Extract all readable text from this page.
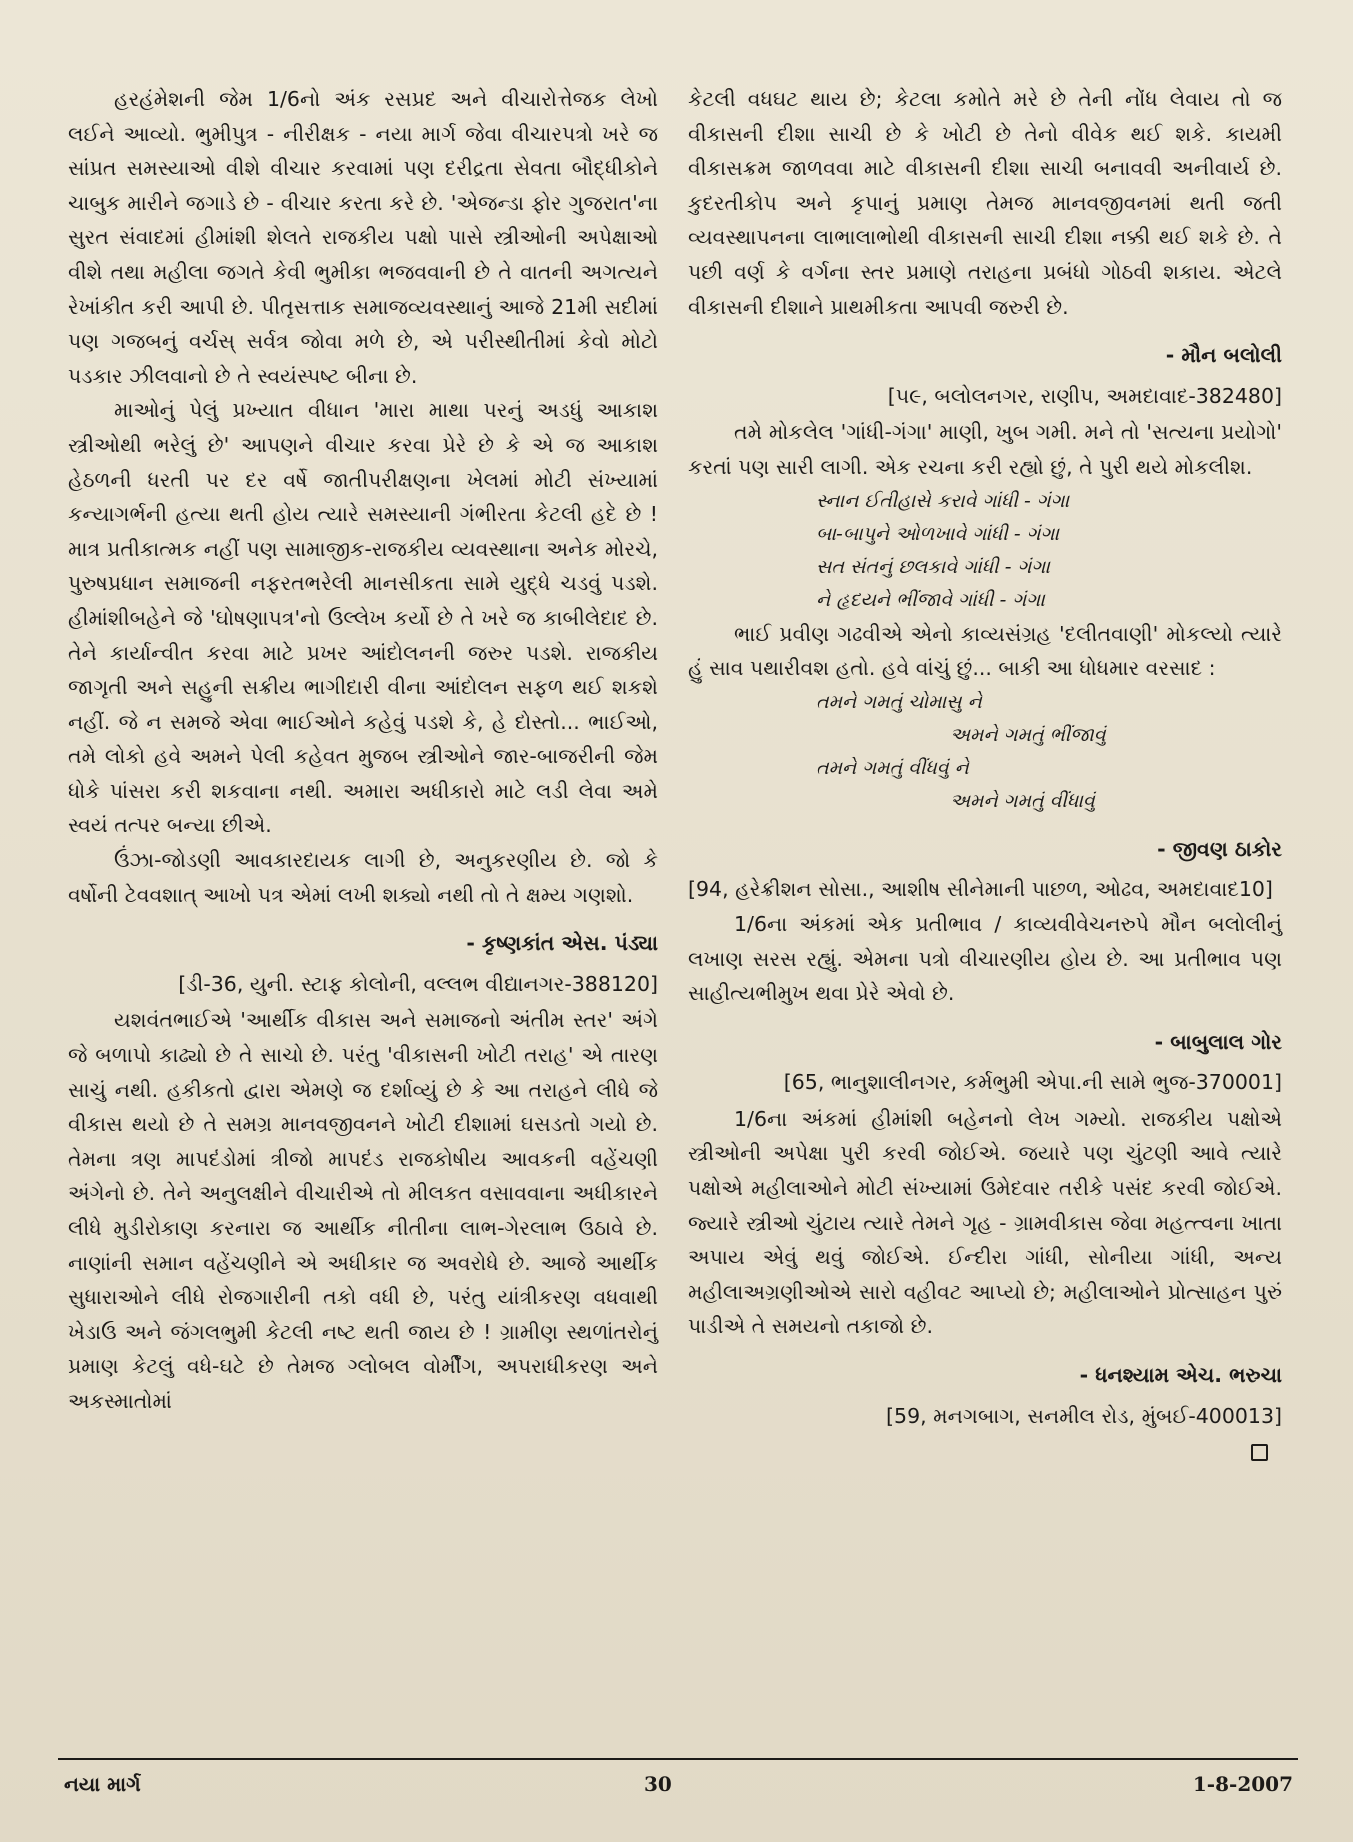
હરહંમેશની જેમ 1/6નો અંક રસપ્રદ અને વીચારોત્તેજક લેખો લઈને આવ્યો. ભુમીપુત્ર - નીરીક્ષક - નયા માર્ગ જેવા વીચારપત્રો ખરે જ સાંપ્રત સમસ્યાઓ વીશે વીચાર કરવામાં પણ દરીદ્રતા સેવતા બૌદ્ધીકોને ચાબુક મારીને જગાડે છે - વીચાર કરતા કરે છે. 'એજન્ડા ફોર ગુજરાત'ના સુરત સંવાદમાં હીમાંશી શેલતે રાજકીય પક્ષો પાસે સ્ત્રીઓની અપેક્ષાઓ વીશે તથા મહીલા જગતે કેવી ભુમીકા ભજવવાની છે તે વાતની અગત્યને રેખાંકીત કરી આપી છે. પીતૃસત્તાક સમાજવ્યવસ્થાનું આજે 21મી સદીમાં પણ ગજબનું વર્ચસ્ સર્વત્ર જોવા મળે છે, એ પરીસ્થીતીમાં કેવો મોટો પડકાર ઝીલવાનો છે તે સ્વયંસ્પષ્ટ બીના છે.

માઓનું પેલું પ્રખ્યાત વીધાન 'મારા માથા પરનું અડધું આકાશ સ્ત્રીઓથી ભરેલું છે' આપણને વીચાર કરવા પ્રેરે છે કે એ જ આકાશ હેઠળની ધરતી પર દર વર્ષે જાતીપરીક્ષણના ખેલમાં મોટી સંખ્યામાં કન્યાગર્ભની હત્યા થતી હોય ત્યારે સમસ્યાની ગંભીરતા કેટલી હદે છે ! માત્ર પ્રતીકાત્મક નહીં પણ સામાજીક-રાજકીય વ્યવસ્થાના અનેક મોરચે, પુરુષપ્રધાન સમાજની નફરતભરેલી માનસીકતા સામે યુદ્ધે ચડવું પડશે. હીમાંશીબહેને જે 'ઘોષણાપત્ર'નો ઉલ્લેખ કર્યો છે તે ખરે જ કાબીલેદાદ છે. તેને કાર્યાન્વીત કરવા માટે પ્રખર આંદોલનની જરુર પડશે. રાજકીય જાગૃતી અને સહુની સક્રીય ભાગીદારી વીના આંદોલન સફળ થઈ શકશે નહીં. જે ન સમજે એવા ભાઈઓને કહેવું પડશે કે, હે દોસ્તો... ભાઈઓ, તમે લોકો હવે અમને પેલી કહેવત મુજબ સ્ત્રીઓને જાર-બાજરીની જેમ ધોકે પાંસરા કરી શકવાના નથી. અમારા અધીકારો માટે લડી લેવા અમે સ્વયં તત્પર બન્યા છીએ.

ઉંઝા-જોડણી આવકારદાયક લાગી છે, અનુકરણીય છે. જો કે વર્ષોની ટેવવશાત્ આખો પત્ર એમાં લખી શક્યો નથી તો તે ક્ષમ્ય ગણશો.

- કૃષ્ણકાંત એસ. પંડ્યા
[ડી-36, યુની. સ્ટાફ કોલોની, વલ્લભ વીદ્યાનગર-388120]

યશવંતભાઈએ 'આર્થીક વીકાસ અને સમાજનો અંતીમ સ્તર' અંગે જે બળાપો કાઢ્યો છે તે સાચો છે. પરંતુ 'વીકાસની ખોટી તરાહ' એ તારણ સાચું નથી. હકીકતો દ્વારા એમણે જ દર્શાવ્યું છે કે આ તરાહને લીધે જે વીકાસ થયો છે તે સમગ્ર માનવજીવનને ખોટી દીશામાં ઘસડતો ગયો છે. તેમના ત્રણ માપદંડોમાં ત્રીજો માપદંડ રાજકોષીય આવકની વહેંચણી અંગેનો છે. તેને અનુલક્ષીને વીચારીએ તો મીલકત વસાવવાના અધીકારને લીધે મુડીરોકાણ કરનારા જ આર્થીક નીતીના લાભ-ગેરલાભ ઉઠાવે છે. નાણાંની સમાન વહેંચણીને એ અધીકાર જ અવરોધે છે. આજે આર્થીક સુધારાઓને લીધે રોજગારીની તકો વધી છે, પરંતુ યાંત્રીકરણ વધવાથી ખેડાઉ અને જંગલભુમી કેટલી નષ્ટ થતી જાય છે ! ગ્રામીણ સ્થળાંતરોનું પ્રમાણ કેટલું વધે-ઘટે છે તેમજ ગ્લોબલ વોર્મીંગ, અપરાધીકરણ અને અકસ્માતોમાં

કેટલી વધઘટ થાય છે; કેટલા કમોતે મરે છે તેની નોંધ લેવાય તો જ વીકાસની દીશા સાચી છે કે ખોટી છે તેનો વીવેક થઈ શકે. કાયમી વીકાસક્રમ જાળવવા માટે વીકાસની દીશા સાચી બનાવવી અનીવાર્ય છે. કુદરતીકોપ અને કૃપાનું પ્રમાણ તેમજ માનવજીવનમાં થતી જતી વ્યવસ્થાપનના લાભાલાભોથી વીકાસની સાચી દીશા નક્કી થઈ શકે છે. તે પછી વર્ણ કે વર્ગના સ્તર પ્રમાણે તરાહના પ્રબંધો ગોઠવી શકાય. એટલે વીકાસની દીશાને પ્રાથમીકતા આપવી જરુરી છે.

- મૌન બલોલી
[૫૯, બલોલનગર, રાણીપ, અમદાવાદ-382480]

તમે મોકલેલ 'ગાંધી-ગંગા' માણી, ખુબ ગમી. મને તો 'સત્યના પ્રયોગો' કરતાં પણ સારી લાગી. એક રચના કરી રહ્યો છું, તે પુરી થયે મોકલીશ.

સ્નાન ઈતીહાસે કરાવે ગાંધી - ગંગા
બા-બાપુને ઓળખાવે ગાંધી - ગંગા
સત સંતનું છલકાવે ગાંધી - ગંગા
ને હૃદયને ભીંજાવે ગાંધી - ગંગા

ભાઈ પ્રવીણ ગઢવીએ એનો કાવ્યસંગ્રહ 'દલીતવાણી' મોકલ્યો ત્યારે હું સાવ પથારીવશ હતો. હવે વાંચું છું... બાકી આ ધોધમાર વરસાદ :

તમને ગમતું ચોમાસુ ને
અમને ગમતું ભીંજાવું
તમને ગમતું વીંધવું ને
અમને ગમતું વીંધાવું
- જીવણ ઠાકોર
[94, હરેક્રીશન સોસા., આશીષ સીનેમાની પાછળ, ઓઢવ, અમદાવાદ10]

1/6ના અંકમાં એક પ્રતીભાવ / કાવ્યવીવેચનરુપે મૌન બલોલીનું લખાણ સરસ રહ્યું. એમના પત્રો વીચારણીય હોય છે. આ પ્રતીભાવ પણ સાહીત્યભીમુખ થવા પ્રેરે એવો છે.

- બાબુલાલ ગોર
[65, ભાનુશાલીનગર, કર્મભુમી એપા.ની સામે ભુજ-370001]

1/6ના અંકમાં હીમાંશી બહેનનો લેખ ગમ્યો. રાજકીય પક્ષોએ સ્ત્રીઓની અપેક્ષા પુરી કરવી જોઈએ. જયારે પણ ચુંટણી આવે ત્યારે પક્ષોએ મહીલાઓને મોટી સંખ્યામાં ઉમેદવાર તરીકે પસંદ કરવી જોઈએ. જ્યારે સ્ત્રીઓ ચુંટાય ત્યારે તેમને ગૃહ - ગ્રામવીકાસ જેવા મહત્ત્વના ખાતા અપાય એવું થવું જોઈએ. ઈન્દીરા ગાંધી, સોનીયા ગાંધી, અન્ય મહીલાઅગ્રણીઓએ સારો વહીવટ આપ્યો છે; મહીલાઓને પ્રોત્સાહન પુરું પાડીએ તે સમયનો તકાજો છે.

- ધનશ્યામ એચ. ભરુચા
[59, મનગબાગ, સનમીલ રોડ, મુંબઈ-400013]
નયા માર્ગ	30	1-8-2007
